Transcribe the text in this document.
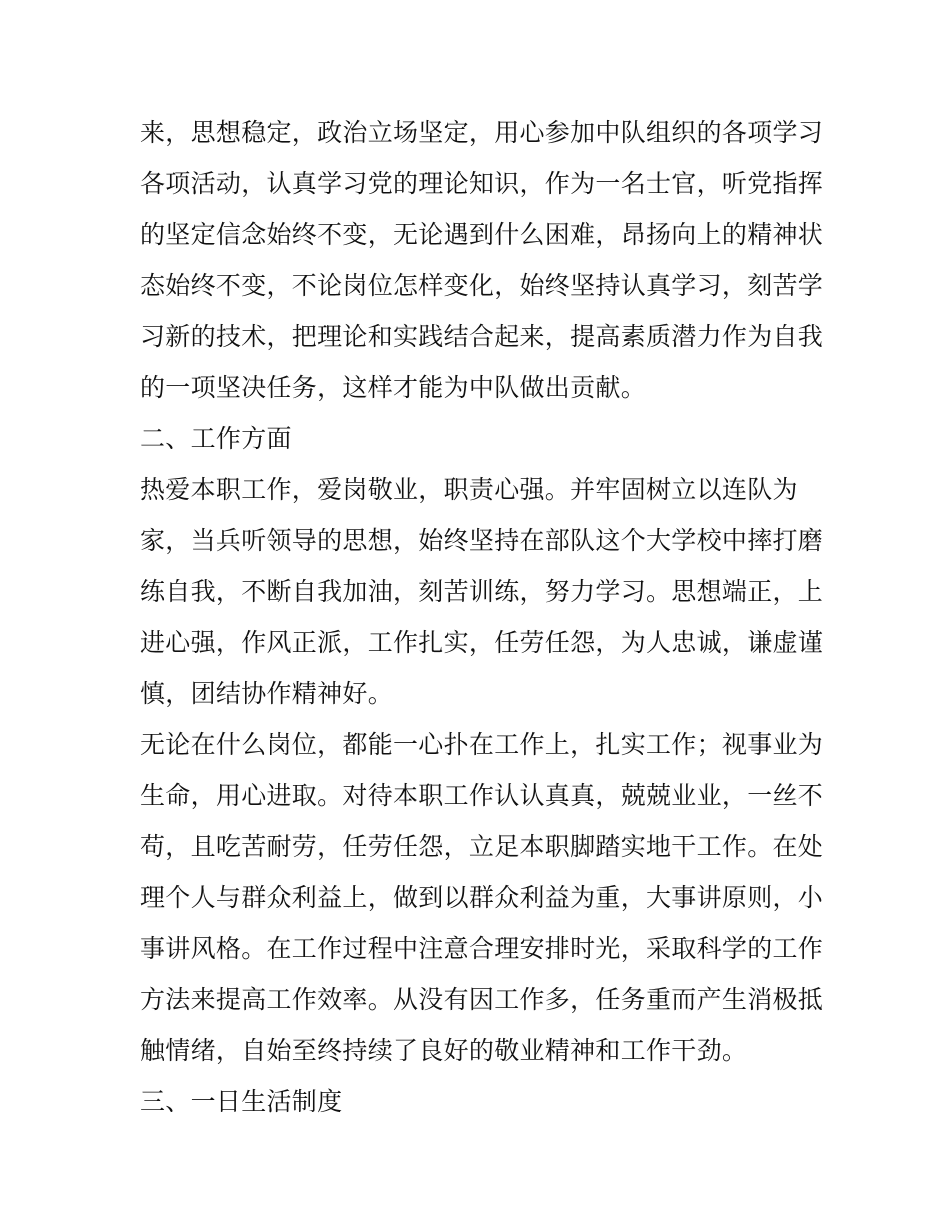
来，思想稳定，政治立场坚定，用心参加中队组织的各项学习
各项活动，认真学习党的理论知识，作为一名士官，听党指挥
的坚定信念始终不变，无论遇到什么困难，昂扬向上的精神状
态始终不变，不论岗位怎样变化，始终坚持认真学习，刻苦学
习新的技术，把理论和实践结合起来，提高素质潜力作为自我
的一项坚决任务，这样才能为中队做出贡献。

二、工作方面

热爱本职工作，爱岗敬业，职责心强。并牢固树立以连队为
家，当兵听领导的思想，始终坚持在部队这个大学校中摔打磨
练自我，不断自我加油，刻苦训练，努力学习。思想端正，上
进心强，作风正派，工作扎实，任劳任怨，为人忠诚，谦虚谨
慎，团结协作精神好。

无论在什么岗位，都能一心扑在工作上，扎实工作；视事业为
生命，用心进取。对待本职工作认认真真，兢兢业业，一丝不
苟，且吃苦耐劳，任劳任怨，立足本职脚踏实地干工作。在处
理个人与群众利益上，做到以群众利益为重，大事讲原则，小
事讲风格。在工作过程中注意合理安排时光，采取科学的工作
方法来提高工作效率。从没有因工作多，任务重而产生消极抵
触情绪，自始至终持续了良好的敬业精神和工作干劲。

三、一日生活制度
